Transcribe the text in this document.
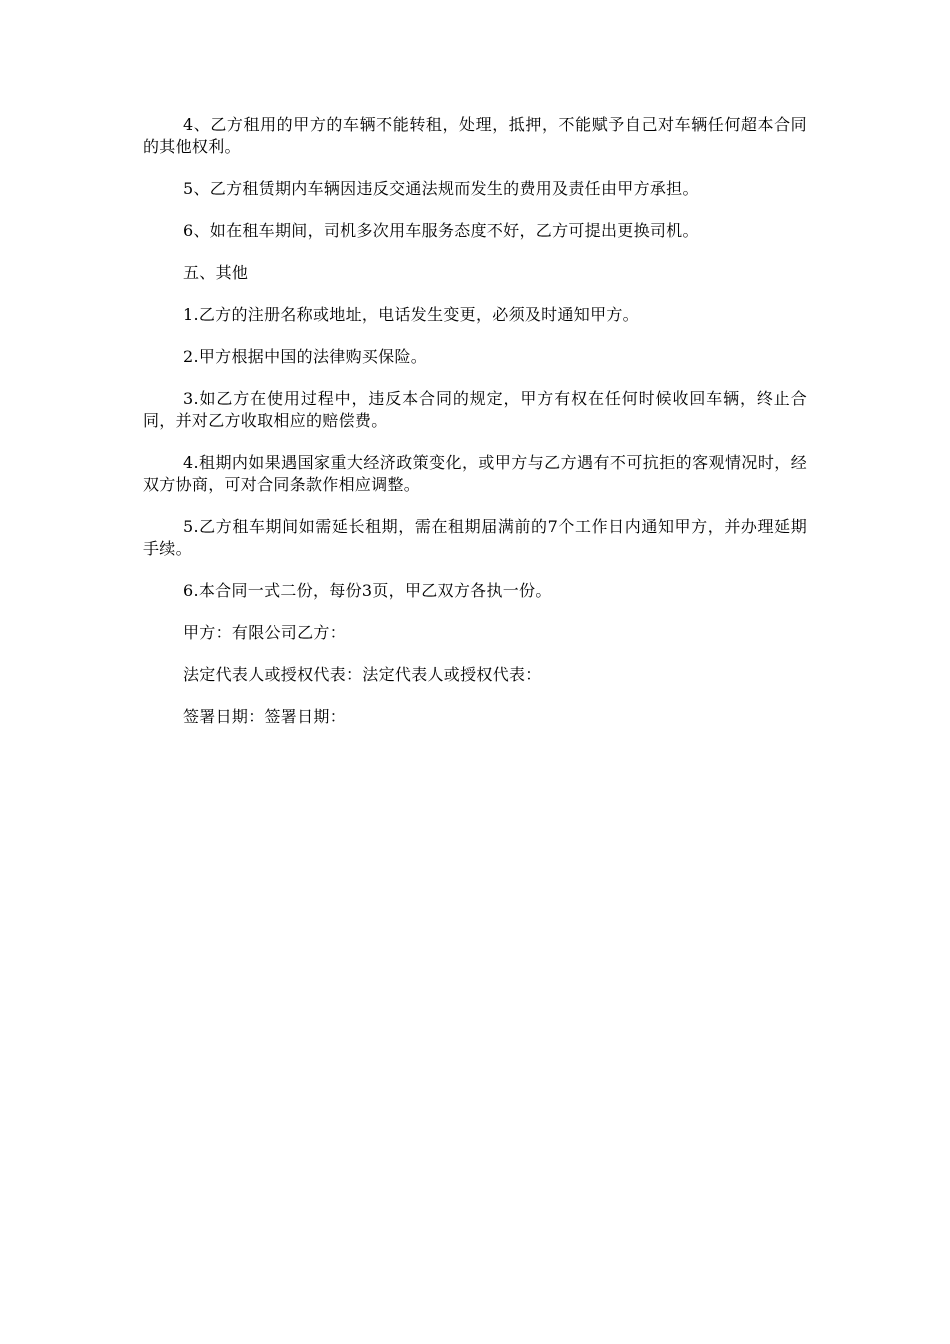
4、乙方租用的甲方的车辆不能转租，处理，抵押，不能赋予自己对车辆任何超本合同的其他权利。

5、乙方租赁期内车辆因违反交通法规而发生的费用及责任由甲方承担。

6、如在租车期间，司机多次用车服务态度不好，乙方可提出更换司机。

五、其他

1.乙方的注册名称或地址，电话发生变更，必须及时通知甲方。

2.甲方根据中国的法律购买保险。

3.如乙方在使用过程中，违反本合同的规定，甲方有权在任何时候收回车辆，终止合同，并对乙方收取相应的赔偿费。

4.租期内如果遇国家重大经济政策变化，或甲方与乙方遇有不可抗拒的客观情况时，经双方协商，可对合同条款作相应调整。

5.乙方租车期间如需延长租期，需在租期届满前的7个工作日内通知甲方，并办理延期手续。

6.本合同一式二份，每份3页，甲乙双方各执一份。

甲方：有限公司乙方：

法定代表人或授权代表：法定代表人或授权代表：

签署日期：签署日期：
